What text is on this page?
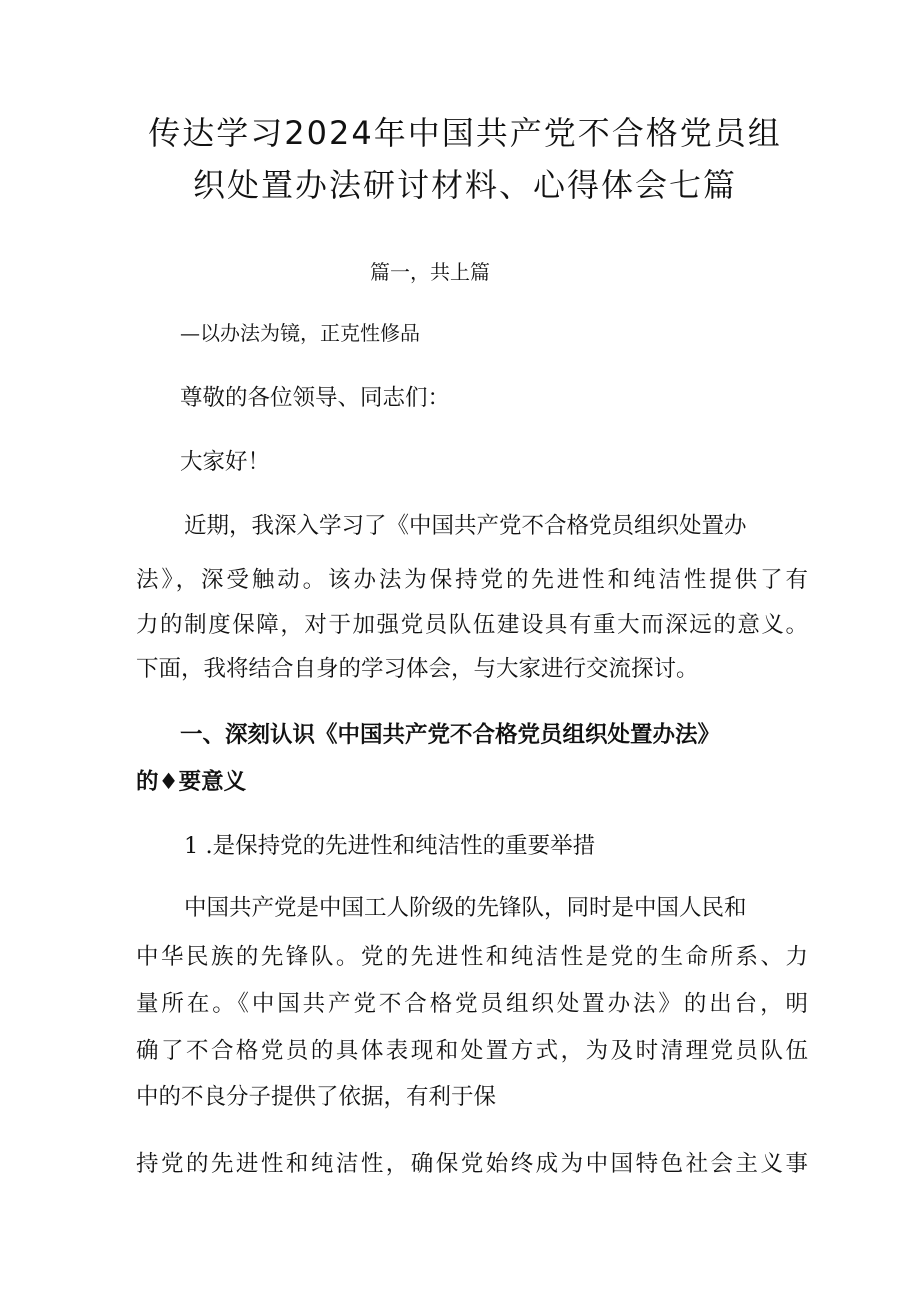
传达学习2024年中国共产党不合格党员组
织处置办法研讨材料、心得体会七篇

篇一，共上篇

—以办法为镜，正克性修品

尊敬的各位领导、同志们：

大家好！

近期，我深入学习了《中国共产党不合格党员组织处置办

法》，深受触动。该办法为保持党的先进性和纯洁性提供了有

力的制度保障，对于加强党员队伍建设具有重大而深远的意义。

下面，我将结合自身的学习体会，与大家进行交流探讨。

一、深刻认识《中国共产党不合格党员组织处置办法》

的♦要意义

1 .是保持党的先进性和纯洁性的重要举措

中国共产党是中国工人阶级的先锋队，同时是中国人民和

中华民族的先锋队。党的先进性和纯洁性是党的生命所系、力

量所在。《中国共产党不合格党员组织处置办法》的出台，明

确了不合格党员的具体表现和处置方式，为及时清理党员队伍

中的不良分子提供了依据，有利于保

持党的先进性和纯洁性，确保党始终成为中国特色社会主义事
